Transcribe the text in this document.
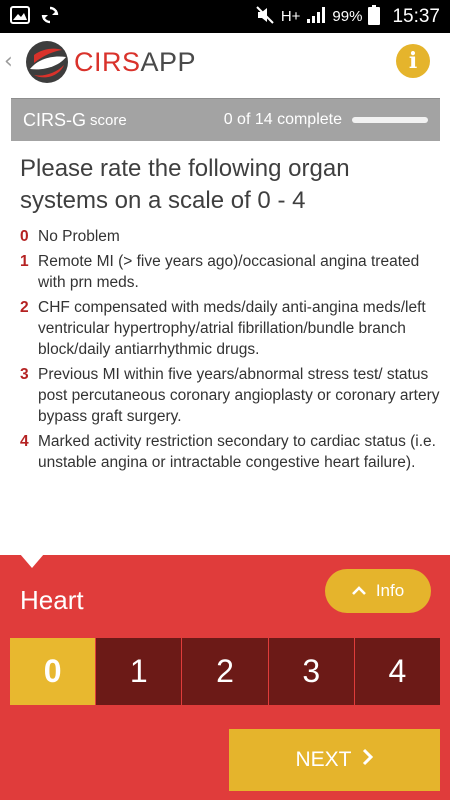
H+ 99% 15:37
‹ CIRSAPP	i
CIRS-G score	0 of 14 complete
Please rate the following organ systems on a scale of 0 - 4
0 No Problem
1 Remote MI (> five years ago)/occasional angina treated with prn meds.
2 CHF compensated with meds/daily anti-angina meds/left ventricular hypertrophy/atrial fibrillation/bundle branch block/daily antiarrhythmic drugs.
3 Previous MI within five years/abnormal stress test/ status post percutaneous coronary angioplasty or coronary artery bypass graft surgery.
4 Marked activity restriction secondary to cardiac status (i.e. unstable angina or intractable congestive heart failure).
Heart	Info
0	1	2	3	4
NEXT
